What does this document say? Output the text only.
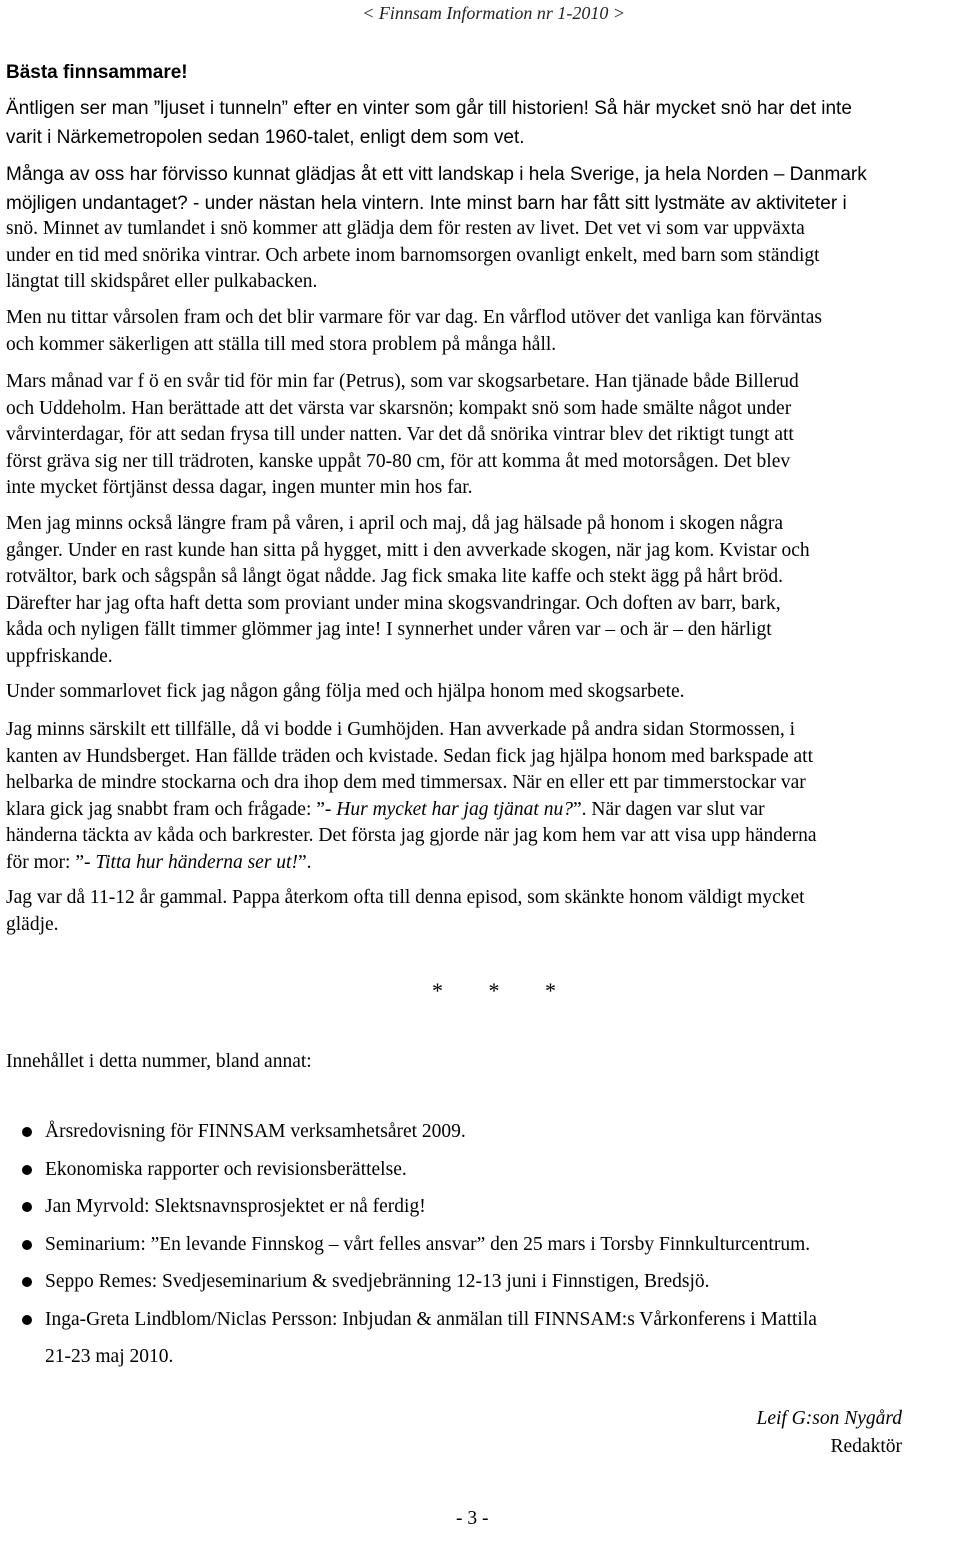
< Finnsam Information nr 1-2010 >
Bästa finnsammare!
Äntligen ser man ”ljuset i tunneln” efter en vinter som går till historien! Så här mycket snö har det inte
varit i Närkemetropolen sedan 1960-talet, enligt dem som vet.
Många av oss har förvisso kunnat glädjas åt ett vitt landskap i hela Sverige, ja hela Norden – Danmark
möjligen undantaget? - under nästan hela vintern. Inte minst barn har fått sitt lystmäte av aktiviteter i
snö. Minnet av tumlandet i snö kommer att glädja dem för resten av livet. Det vet vi som var uppväxta
under en tid med snörika vintrar. Och arbete inom barnomsorgen ovanligt enkelt, med barn som ständigt
längtat till skidspåret eller pulkabacken.
Men nu tittar vårsolen fram och det blir varmare för var dag. En vårflod utöver det vanliga kan förväntas
och kommer säkerligen att ställa till med stora problem på många håll.
Mars månad var f ö en svår tid för min far (Petrus), som var skogsarbetare. Han tjänade både Billerud
och Uddeholm. Han berättade att det värsta var skarsnön; kompakt snö som hade smälte något under
vårvinterdagar, för att sedan frysa till under natten. Var det då snörika vintrar blev det riktigt tungt att
först gräva sig ner till trädroten, kanske uppåt 70-80 cm, för att komma åt med motorsågen. Det blev
inte mycket förtjänst dessa dagar, ingen munter min hos far.
Men jag minns också längre fram på våren, i april och maj, då jag hälsade på honom i skogen några
gånger. Under en rast kunde han sitta på hygget, mitt i den avverkade skogen, när jag kom. Kvistar och
rotvältor, bark och sågspån så långt ögat nådde. Jag fick smaka lite kaffe och stekt ägg på hårt bröd.
Därefter har jag ofta haft detta som proviant under mina skogsvandringar. Och doften av barr, bark,
kåda och nyligen fällt timmer glömmer jag inte! I synnerhet under våren var – och är – den härligt
uppfriskande.
Under sommarlovet fick jag någon gång följa med och hjälpa honom med skogsarbete.
Jag minns särskilt ett tillfälle, då vi bodde i Gumhöjden. Han avverkade på andra sidan Stormossen, i
kanten av Hundsberget. Han fällde träden och kvistade. Sedan fick jag hjälpa honom med barkspade att
helbarka de mindre stockarna och dra ihop dem med timmersax. När en eller ett par timmerstockar var
klara gick jag snabbt fram och frågade: ”- Hur mycket har jag tjänat nu?”. När dagen var slut var
händerna täckta av kåda och barkrester. Det första jag gjorde när jag kom hem var att visa upp händerna
för mor: ”- Titta hur händerna ser ut!”.
Jag var då 11-12 år gammal. Pappa återkom ofta till denna episod, som skänkte honom väldigt mycket
glädje.
* * *
Innehållet i detta nummer, bland annat:
Årsredovisning för FINNSAM verksamhetsåret 2009.
Ekonomiska rapporter och revisionsberättelse.
Jan Myrvold: Slektsnavnsprosjektet er nå ferdig!
Seminarium: ”En levande Finnskog – vårt felles ansvar” den 25 mars i Torsby Finnkulturcentrum.
Seppo Remes: Svedjeseminarium & svedjebränning 12-13 juni i Finnstigen, Bredsjö.
Inga-Greta Lindblom/Niclas Persson: Inbjudan & anmälan till FINNSAM:s Vårkonferens i Mattila
21-23 maj 2010.
Leif G:son Nygård
Redaktör
- 3 -
